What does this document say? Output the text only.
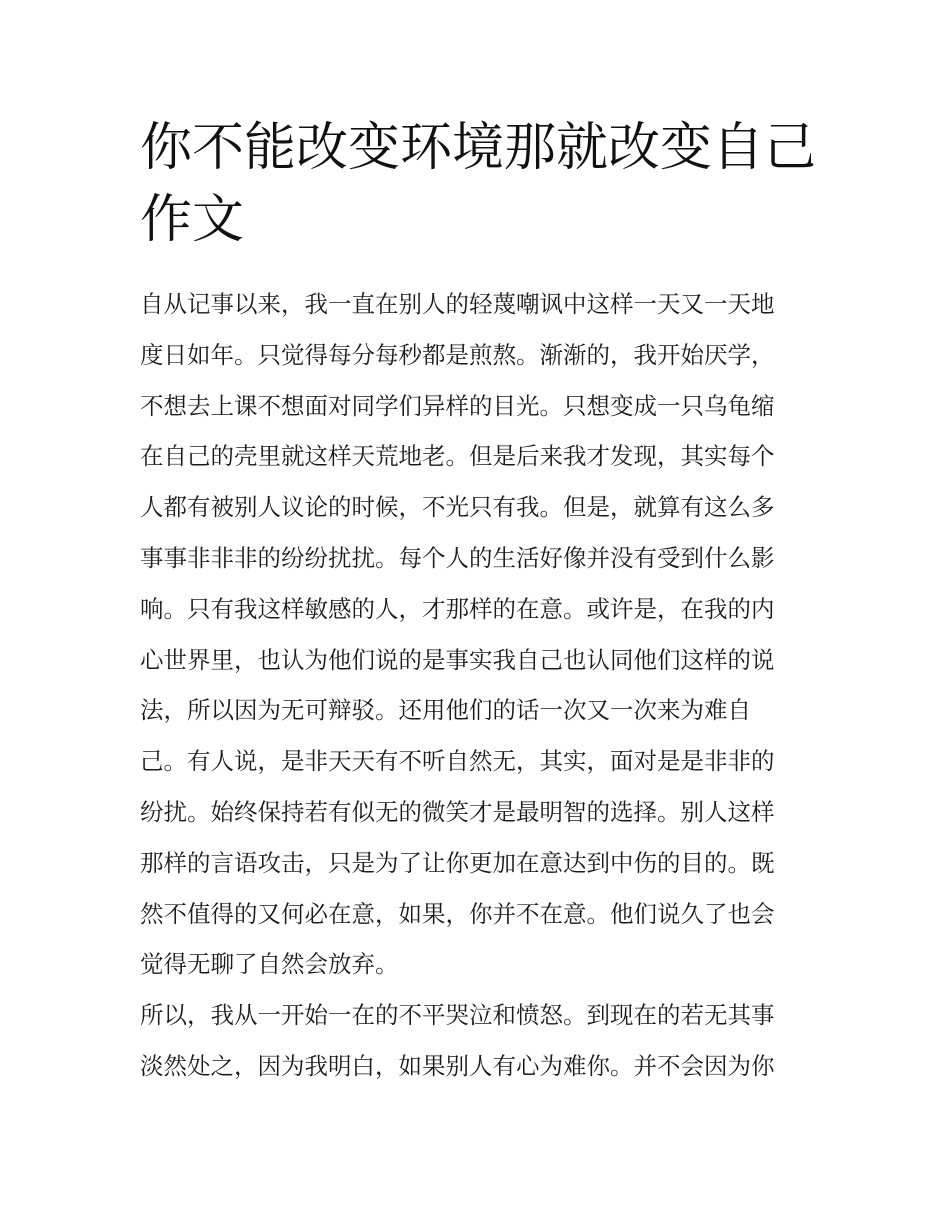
你不能改变环境那就改变自己
作文
自从记事以来，我一直在别人的轻蔑嘲讽中这样一天又一天地
度日如年。只觉得每分每秒都是煎熬。渐渐的，我开始厌学，
不想去上课不想面对同学们异样的目光。只想变成一只乌龟缩
在自己的壳里就这样天荒地老。但是后来我才发现，其实每个
人都有被别人议论的时候，不光只有我。但是，就算有这么多
事事非非非的纷纷扰扰。每个人的生活好像并没有受到什么影
响。只有我这样敏感的人，才那样的在意。或许是，在我的内
心世界里，也认为他们说的是事实我自己也认同他们这样的说
法，所以因为无可辩驳。还用他们的话一次又一次来为难自
己。有人说，是非天天有不听自然无，其实，面对是是非非的
纷扰。始终保持若有似无的微笑才是最明智的选择。别人这样
那样的言语攻击，只是为了让你更加在意达到中伤的目的。既
然不值得的又何必在意，如果，你并不在意。他们说久了也会
觉得无聊了自然会放弃。
所以，我从一开始一在的不平哭泣和愤怒。到现在的若无其事
淡然处之，因为我明白，如果别人有心为难你。并不会因为你
